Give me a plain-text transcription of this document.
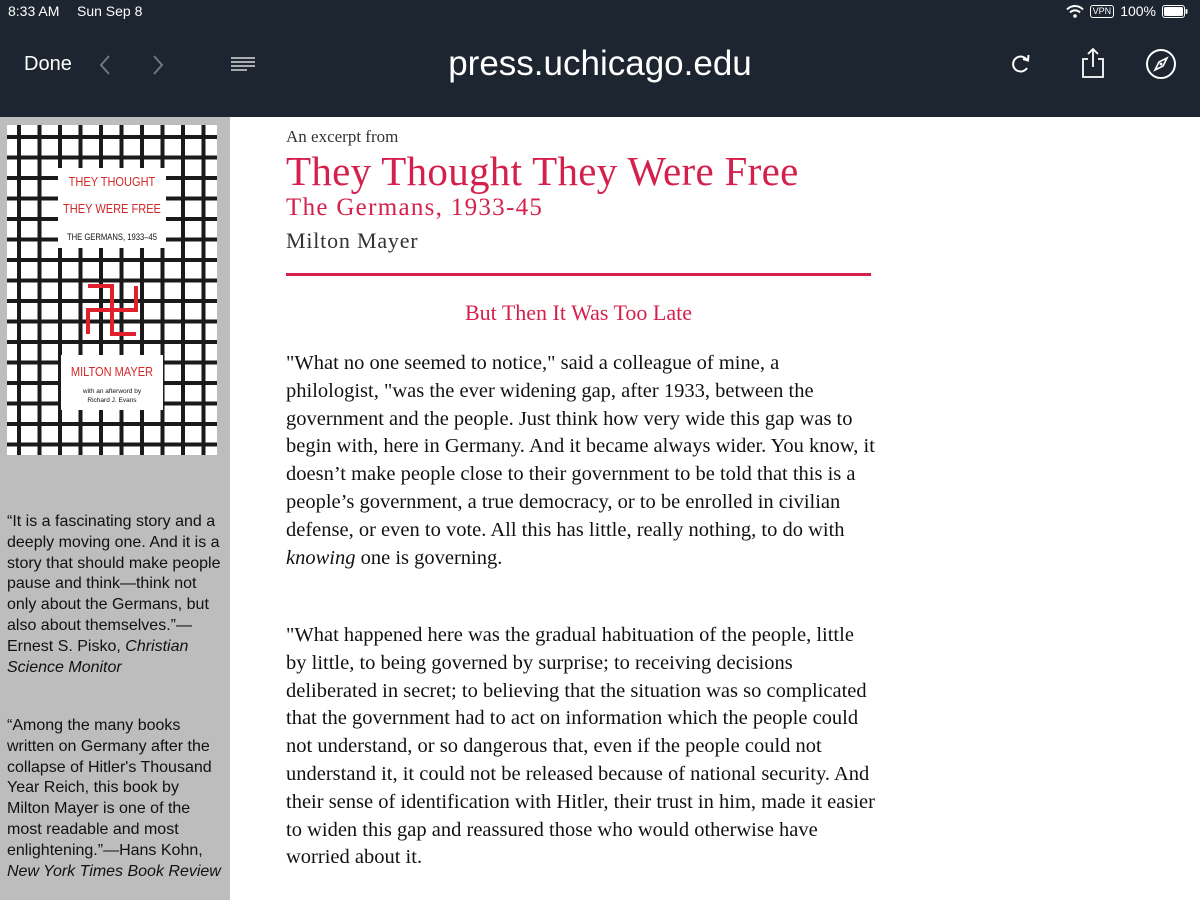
8:33 AM Sun Sep 8	VPN 100%
Done	press.uchicago.edu
THEY THOUGHT
THEY WERE FREE
THE GERMANS, 1933–45
MILTON MAYER
with an afterword by
Richard J. Evans
“It is a fascinating story and a deeply moving one. And it is a story that should make people pause and think—think not only about the Germans, but also about themselves.”—Ernest S. Pisko, Christian Science Monitor
“Among the many books written on Germany after the collapse of Hitler's Thousand Year Reich, this book by Milton Mayer is one of the most readable and most enlightening.”—Hans Kohn, New York Times Book Review
An excerpt from
They Thought They Were Free
The Germans, 1933-45
Milton Mayer
But Then It Was Too Late

"What no one seemed to notice," said a colleague of mine, a philologist, "was the ever widening gap, after 1933, between the government and the people. Just think how very wide this gap was to begin with, here in Germany. And it became always wider. You know, it doesn’t make people close to their government to be told that this is a people’s government, a true democracy, or to be enrolled in civilian defense, or even to vote. All this has little, really nothing, to do with knowing one is governing.

"What happened here was the gradual habituation of the people, little by little, to being governed by surprise; to receiving decisions deliberated in secret; to believing that the situation was so complicated that the government had to act on information which the people could not understand, or so dangerous that, even if the people could not understand it, it could not be released because of national security. And their sense of identification with Hitler, their trust in him, made it easier to widen this gap and reassured those who would otherwise have worried about it.
